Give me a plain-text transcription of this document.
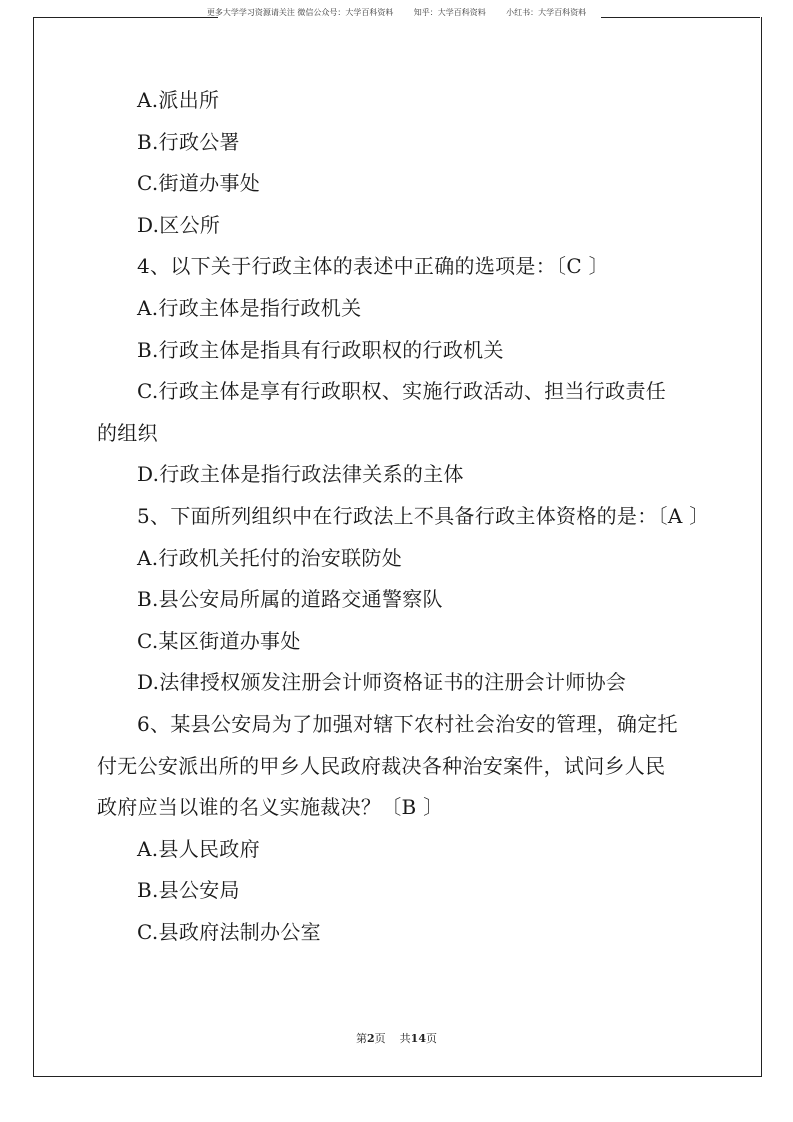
更多大学学习资源请关注 微信公众号：大学百科资料        知乎：大学百科资料        小红书：大学百科资料
A.派出所
B.行政公署
C.街道办事处
D.区公所
4、以下关于行政主体的表述中正确的选项是：〔C 〕
A.行政主体是指行政机关
B.行政主体是指具有行政职权的行政机关
C.行政主体是享有行政职权、实施行政活动、担当行政责任
的组织
D.行政主体是指行政法律关系的主体
5、下面所列组织中在行政法上不具备行政主体资格的是：〔A 〕
A.行政机关托付的治安联防处
B.县公安局所属的道路交通警察队
C.某区街道办事处
D.法律授权颁发注册会计师资格证书的注册会计师协会
6、某县公安局为了加强对辖下农村社会治安的管理，确定托
付无公安派出所的甲乡人民政府裁决各种治安案件，试问乡人民
政府应当以谁的名义实施裁决？〔B 〕
A.县人民政府
B.县公安局
C.县政府法制办公室
第2页    共14页
